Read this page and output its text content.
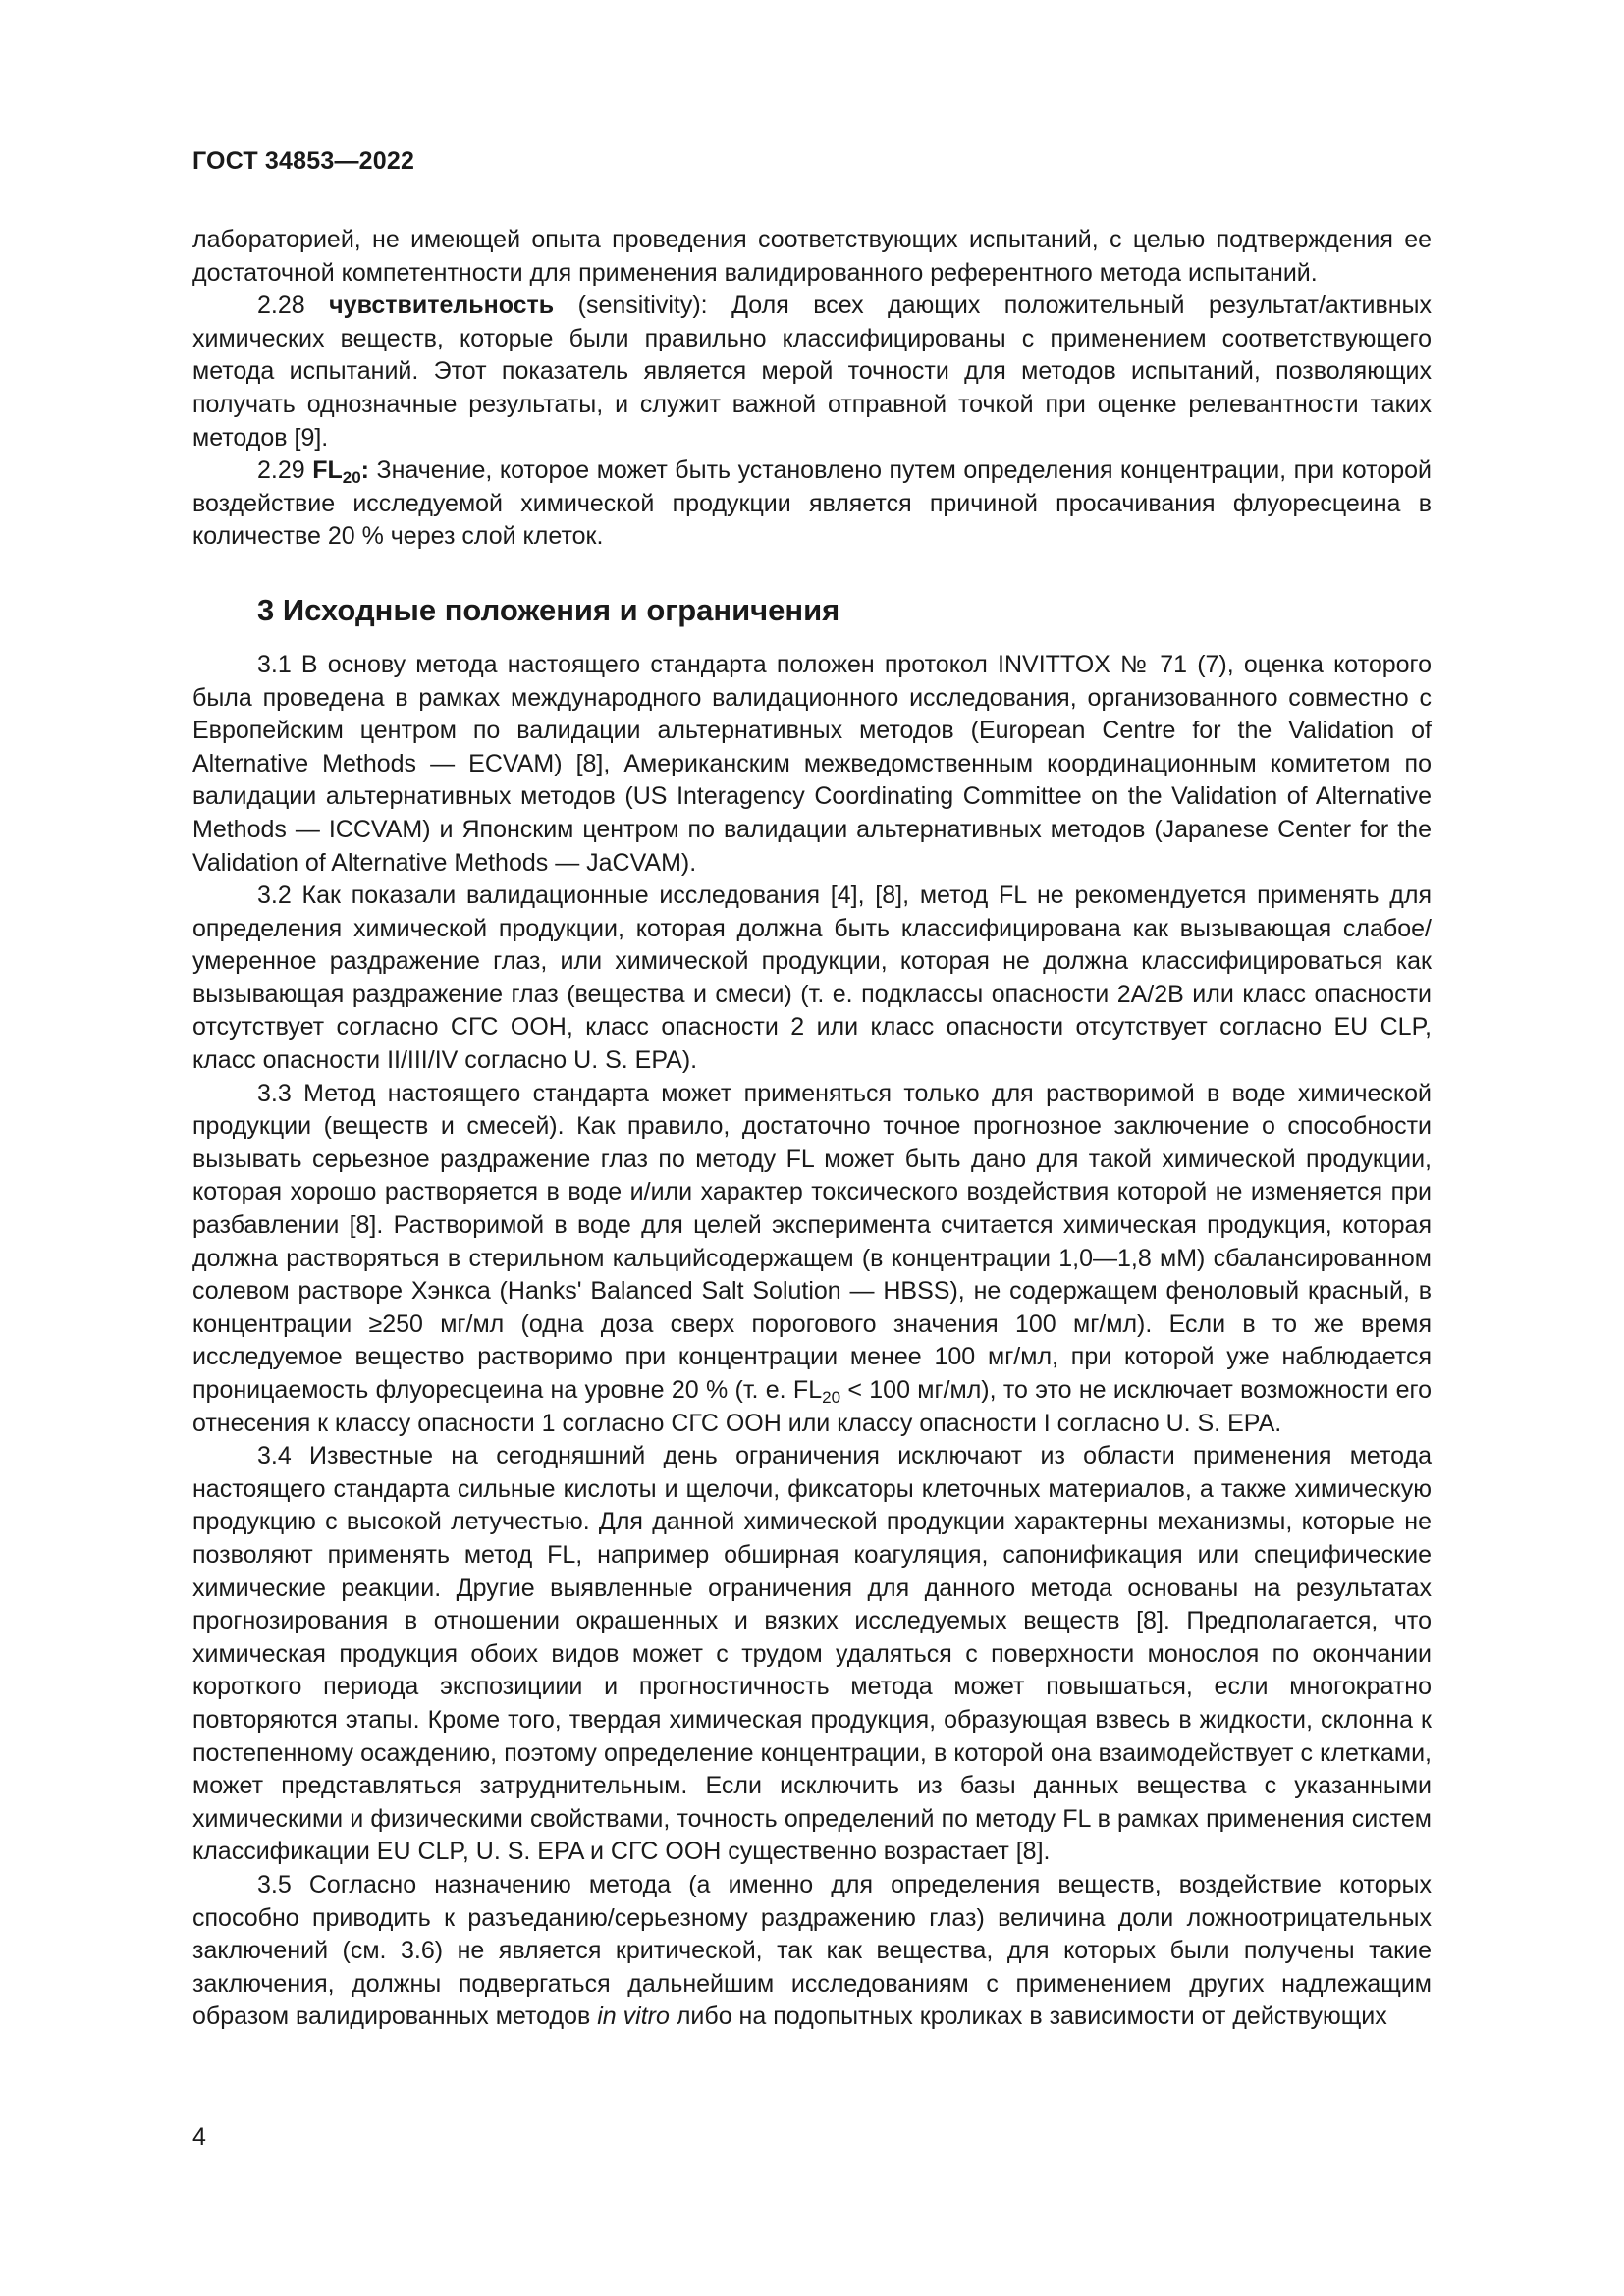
ГОСТ 34853—2022

лабораторией, не имеющей опыта проведения соответствующих испытаний, с целью подтверждения ее достаточной компетентности для применения валидированного референтного метода испытаний.

2.28 чувствительность (sensitivity): Доля всех дающих положительный результат/активных химических веществ, которые были правильно классифицированы с применением соответствующего метода испытаний. Этот показатель является мерой точности для методов испытаний, позволяющих получать однозначные результаты, и служит важной отправной точкой при оценке релевантности таких методов [9].

2.29 $FL_{20}$: Значение, которое может быть установлено путем определения концентрации, при которой воздействие исследуемой химической продукции является причиной просачивания флуоресцеина в количестве 20 % через слой клеток.

3 Исходные положения и ограничения

3.1 В основу метода настоящего стандарта положен протокол INVITTOX № 71 (7), оценка которого была проведена в рамках международного валидационного исследования, организованного совместно с Европейским центром по валидации альтернативных методов (European Centre for the Validation of Alternative Methods — ECVAM) [8], Американским межведомственным координационным комитетом по валидации альтернативных методов (US Interagency Coordinating Committee on the Validation of Alternative Methods — ICCVAM) и Японским центром по валидации альтернативных методов (Japanese Center for the Validation of Alternative Methods — JaCVAM).

3.2 Как показали валидационные исследования [4], [8], метод FL не рекомендуется применять для определения химической продукции, которая должна быть классифицирована как вызывающая слабое/умеренное раздражение глаз, или химической продукции, которая не должна классифицироваться как вызывающая раздражение глаз (вещества и смеси) (т. е. подклассы опасности 2A/2B или класс опасности отсутствует согласно СГС ООН, класс опасности 2 или класс опасности отсутствует согласно EU CLP, класс опасности II/III/IV согласно U. S. EPA).

3.3 Метод настоящего стандарта может применяться только для растворимой в воде химической продукции (веществ и смесей). Как правило, достаточно точное прогнозное заключение о способности вызывать серьезное раздражение глаз по методу FL может быть дано для такой химической продукции, которая хорошо растворяется в воде и/или характер токсического воздействия которой не изменяется при разбавлении [8]. Растворимой в воде для целей эксперимента считается химическая продукция, которая должна растворяться в стерильном кальцийсодержащем (в концентрации 1,0—1,8 мМ) сбалансированном солевом растворе Хэнкса (Hanks' Balanced Salt Solution — HBSS), не содержащем феноловый красный, в концентрации ≥250 мг/мл (одна доза сверх порогового значения 100 мг/мл). Если в то же время исследуемое вещество растворимо при концентрации менее 100 мг/мл, при которой уже наблюдается проницаемость флуоресцеина на уровне 20 % (т. е. $FL_{20} < 100$ мг/мл), то это не исключает возможности его отнесения к классу опасности 1 согласно СГС ООН или классу опасности I согласно U. S. EPA.

3.4 Известные на сегодняшний день ограничения исключают из области применения метода настоящего стандарта сильные кислоты и щелочи, фиксаторы клеточных материалов, а также химическую продукцию с высокой летучестью. Для данной химической продукции характерны механизмы, которые не позволяют применять метод FL, например обширная коагуляция, сапонификация или специфические химические реакции. Другие выявленные ограничения для данного метода основаны на результатах прогнозирования в отношении окрашенных и вязких исследуемых веществ [8]. Предполагается, что химическая продукция обоих видов может с трудом удаляться с поверхности монослоя по окончании короткого периода экспозициии и прогностичность метода может повышаться, если многократно повторяются этапы. Кроме того, твердая химическая продукция, образующая взвесь в жидкости, склонна к постепенному осаждению, поэтому определение концентрации, в которой она взаимодействует с клетками, может представляться затруднительным. Если исключить из базы данных вещества с указанными химическими и физическими свойствами, точность определений по методу FL в рамках применения систем классификации EU CLP, U. S. EPA и СГС ООН существенно возрастает [8].

3.5 Согласно назначению метода (а именно для определения веществ, воздействие которых способно приводить к разъеданию/серьезному раздражению глаз) величина доли ложноотрицательных заключений (см. 3.6) не является критической, так как вещества, для которых были получены такие заключения, должны подвергаться дальнейшим исследованиям с применением других надлежащим образом валидированных методов in vitro либо на подопытных кроликах в зависимости от действующих

4
